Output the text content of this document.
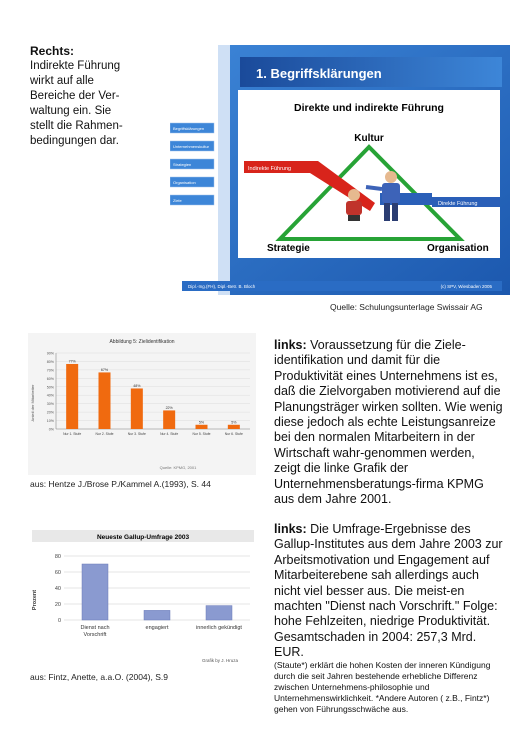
Rechts:
Indirekte Führung
wirkt auf alle
Bereiche der Ver-
waltung ein. Sie
stellt die Rahmen-
bedingungen dar.
1. Begriffsklärungen
Direkte und indirekte Führung
Kultur
Strategie	Organisation
Indirekte Führung
Direkte Führung
Begriffsklärungen
Unternehmenskultur
Strategien
Organisation
Ziele
Dipl.-Ing.(FH), Dipl.-Betr. B. Bloch	(c) SPV, Wiesbaden 2005
Quelle: Schulungsunterlage Swissair AG
Abbildung 5: Zielidentifikation
Anteil der Mitarbeiter
90%
80%
70%
60%
50%
40%
30%
20%
10%
0%
77%
Nur 1. Stufe
67%
Nur 2. Stufe
48%
Nur 3. Stufe
22%
Nur 4. Stufe
5%
Nur 5. Stufe
5%
Nur 6. Stufe
Quelle: KPMG, 2001
aus: Hentze J./Brose P./Kammel A.(1993), S. 44
links: Voraussetzung für die Ziele-identifikation und damit für die Produktivität eines Unternehmens ist es, daß die Zielvorgaben motivierend auf die Planungsträger wirken sollten. Wie wenig diese jedoch als echte Leistungsanreize bei den normalen Mitarbeitern in der Wirtschaft wahr-genommen werden, zeigt die linke Grafik der Unternehmensberatungs-firma KPMG aus dem Jahre 2001.
Neueste Gallup-Umfrage 2003
Prozent
0
20
40
60
80
Dienst nach
Vorschrift
engagiert	innerlich gekündigt
Grafik by J. Hruza
aus: Fintz, Anette, a.a.O. (2004), S.9
links: Die Umfrage-Ergebnisse des Gallup-Institutes aus dem Jahre 2003 zur Arbeitsmotivation und Engagement auf Mitarbeiterebene sah allerdings auch nicht viel besser aus. Die meist-en machten "Dienst nach Vorschrift." Folge: hohe Fehlzeiten, niedrige Produktivität. Gesamtschaden in 2004: 257,3 Mrd. EUR.
(Staute*) erklärt die hohen Kosten der inneren Kündigung durch die seit Jahren bestehende erhebliche Differenz zwischen Unternehmens-philosophie und Unternehmenswirklichkeit. *Andere Autoren ( z.B., Fintz*) gehen von Führungsschwäche aus.
